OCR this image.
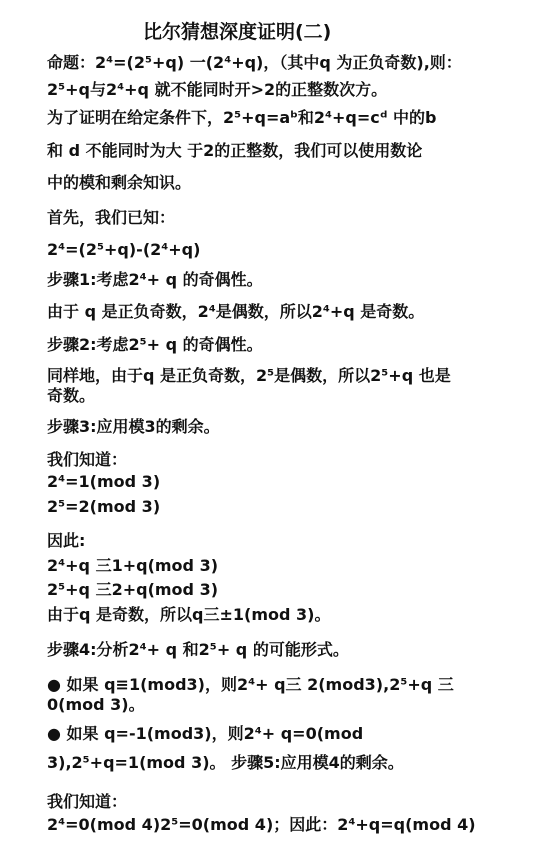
比尔猜想深度证明(二)
命题：2⁴=(2⁵+q) 一(2⁴+q)，（其中q 为正负奇数),则：
2⁵+q与2⁴+q 就不能同时开>2的正整数次方。
为了证明在给定条件下，2⁵+q=aᵇ和2⁴+q=cᵈ 中的b
和 d 不能同时为大 于2的正整数，我们可以使用数论
中的模和剩余知识。
首先，我们已知：
2⁴=(2⁵+q)-(2⁴+q)
步骤1:考虑2⁴+ q 的奇偶性。
由于 q 是正负奇数，2⁴是偶数，所以2⁴+q 是奇数。
步骤2:考虑2⁵+ q 的奇偶性。
同样地，由于q 是正负奇数，2⁵是偶数，所以2⁵+q 也是
奇数。
步骤3:应用模3的剩余。
我们知道：
2⁴=1(mod 3)
2⁵=2(mod 3)
因此:
2⁴+q 三1+q(mod 3)
2⁵+q 三2+q(mod 3)
由于q 是奇数，所以q三±1(mod 3)。
步骤4:分析2⁴+ q 和2⁵+ q 的可能形式。
● 如果 q≡1(mod3)，则2⁴+ q三 2(mod3),2⁵+q 三
0(mod 3)。
● 如果 q=-1(mod3)，则2⁴+ q=0(mod
3),2⁵+q=1(mod 3)。 步骤5:应用模4的剩余。
我们知道：
2⁴=0(mod 4)2⁵=0(mod 4)；因此：2⁴+q=q(mod 4)
